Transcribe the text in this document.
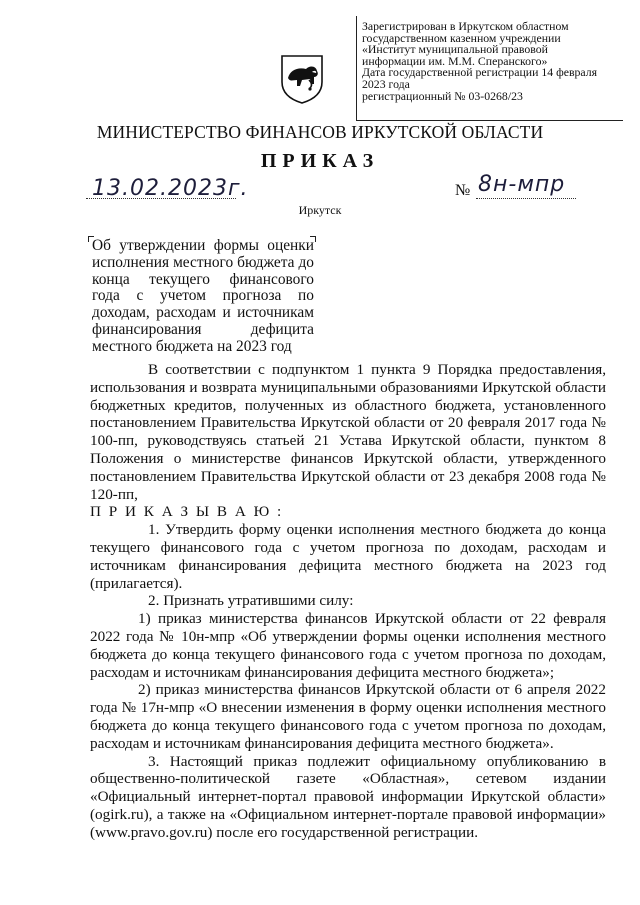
Зарегистрирован в Иркутском областном
государственном казенном учреждении
«Институт муниципальной правовой
информации им. М.М. Сперанского»
Дата государственной регистрации 14 февраля
2023 года
регистрационный № 03-0268/23
МИНИСТЕРСТВО ФИНАНСОВ ИРКУТСКОЙ ОБЛАСТИ
ПРИКАЗ
13.02.2023г.	№ 8н-мпр
Иркутск
Об утверждении формы оценки исполнения местного бюджета до конца текущего финансового года с учетом прогноза по доходам, расходам и источникам финансирования дефицита местного бюджета на 2023 год

В соответствии с подпунктом 1 пункта 9 Порядка предоставления, использования и возврата муниципальными образованиями Иркутской области бюджетных кредитов, полученных из областного бюджета, установленного постановлением Правительства Иркутской области от 20 февраля 2017 года № 100-пп, руководствуясь статьей 21 Устава Иркутской области, пунктом 8 Положения о министерстве финансов Иркутской области, утвержденного постановлением Правительства Иркутской области от 23 декабря 2008 года № 120-пп,

П Р И К А З Ы В А Ю :

1. Утвердить форму оценки исполнения местного бюджета до конца текущего финансового года с учетом прогноза по доходам, расходам и источникам финансирования дефицита местного бюджета на 2023 год (прилагается).

2. Признать утратившими силу:

1) приказ министерства финансов Иркутской области от 22 февраля 2022 года № 10н-мпр «Об утверждении формы оценки исполнения местного бюджета до конца текущего финансового года с учетом прогноза по доходам, расходам и источникам финансирования дефицита местного бюджета»;

2) приказ министерства финансов Иркутской области от 6 апреля 2022 года № 17н-мпр «О внесении изменения в форму оценки исполнения местного бюджета до конца текущего финансового года с учетом прогноза по доходам, расходам и источникам финансирования дефицита местного бюджета».

3. Настоящий приказ подлежит официальному опубликованию в общественно-политической газете «Областная», сетевом издании «Официальный интернет-портал правовой информации Иркутской области» (ogirk.ru), а также на «Официальном интернет-портале правовой информации» (www.pravo.gov.ru) после его государственной регистрации.
